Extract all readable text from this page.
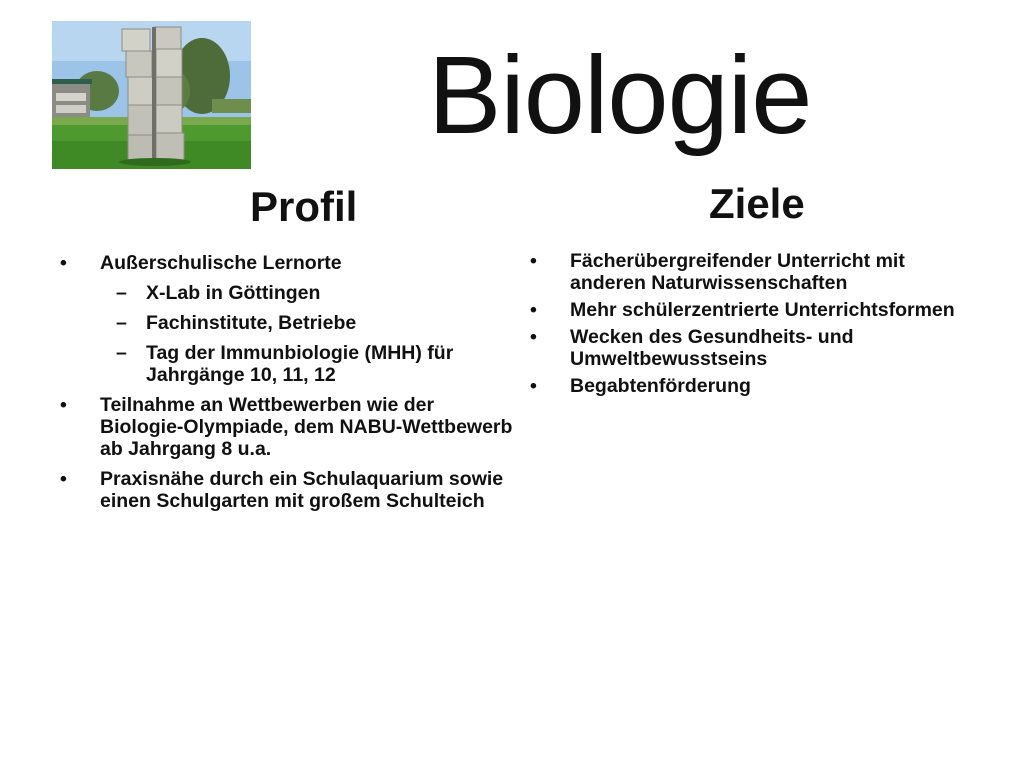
Biologie
Profil	Ziele
•	Außerschulische Lernorte
– X-Lab in Göttingen
– Fachinstitute, Betriebe
– Tag der Immunbiologie (MHH) für Jahrgänge 10, 11, 12
•	Teilnahme an Wettbewerben wie der Biologie-Olympiade, dem NABU-Wettbewerb ab Jahrgang 8 u.a.
•	Praxisnähe durch ein Schulaquarium sowie einen Schulgarten mit großem Schulteich
•	Fächerübergreifender Unterricht mit anderen Naturwissenschaften
•	Mehr schülerzentrierte Unterrichtsformen
•	Wecken des Gesundheits- und Umweltbewusstseins
•	Begabtenförderung
